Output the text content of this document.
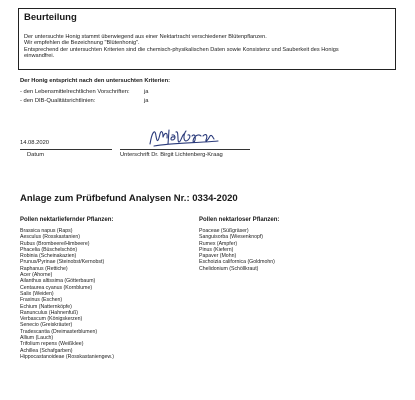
Beurteilung
Der untersuchte Honig stammt überwiegend aus einer Nektartracht verschiedener Blütenpflanzen.
Wir empfehlen die Bezeichnung "Blütenhonig".
Entsprechend der untersuchten Kriterien sind die chemisch-physikalischen Daten sowie Konsistenz und Sauberkeit des Honigs
einwandfrei.
Der Honig entspricht nach den untersuchten Kriterien:
- den Lebensmittelrechtlichen Vorschriften: ja
- den DIB-Qualitätsrichtlinien:	ja
14.08.2020
Datum	Unterschrift Dr. Birgit Lichtenberg-Kraag
Anlage zum Prüfbefund Analysen Nr.: 0334-2020
Pollen nektarliefernder Pflanzen:	Pollen nektarloser Pflanzen:
Brassica napus (Raps)
Aesculus (Rosskastanien)
Rubus (Brombeere/Himbeere)
Phacelia (Büschelschön)
Robinia (Scheinakazien)
Prunus/Pyrinae (Steinobst/Kernobst)
Raphanus (Rettiche)
Acer (Ahorne)
Ailanthus altissima (Götterbaum)
Centaurea cyanus (Kornblume)
Salix (Weiden)
Fraxinus (Eschen)
Echium (Natternköpfe)
Ranunculus (Hahnenfuß)
Verbascum (Königskerzen)
Senecio (Greiskräuter)
Tradescantia (Dreimasterblumen)
Allium (Lauch)
Trifolium repens (Weißklee)
Achillea (Schafgarben)
Hippocastanoideae (Rosskastaniengew.)
Poaceae (Süßgräser)
Sanguisorba (Wiesenknopf)
Rumex (Ampfer)
Pinus (Kiefern)
Papaver (Mohn)
Eschoizia californica (Goldmohn)
Chelidonium (Schöllkraut)
